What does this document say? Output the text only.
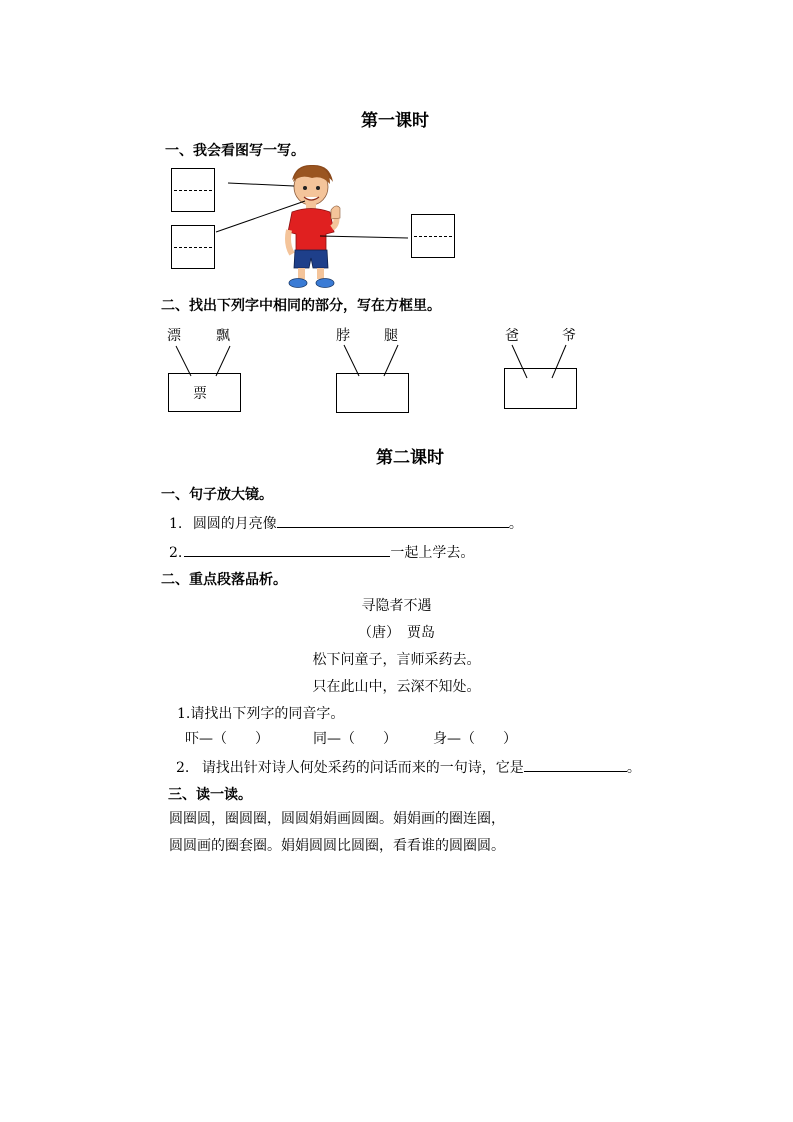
第一课时
一、我会看图写一写。
二、找出下列字中相同的部分，写在方框里。
漂	飘	脖 腿	爸	爷
票
第二课时
一、句子放大镜。
1. 圆圆的月亮像	。
2.	一起上学去。
二、重点段落品析。
寻隐者不遇
（唐）　贾岛
松下问童子，言师采药去。
只在此山中，云深不知处。
1.请找出下列字的同音字。
吓—（　　）	同—（　　）	身—（　　）
2. 请找出针对诗人何处采药的问话而来的一句诗，它是	。
三、读一读。
圆圈圆，圈圆圈，圆圆娟娟画圆圈。娟娟画的圈连圈，
圆圆画的圈套圈。娟娟圆圆比圆圈，看看谁的圆圈圆。
